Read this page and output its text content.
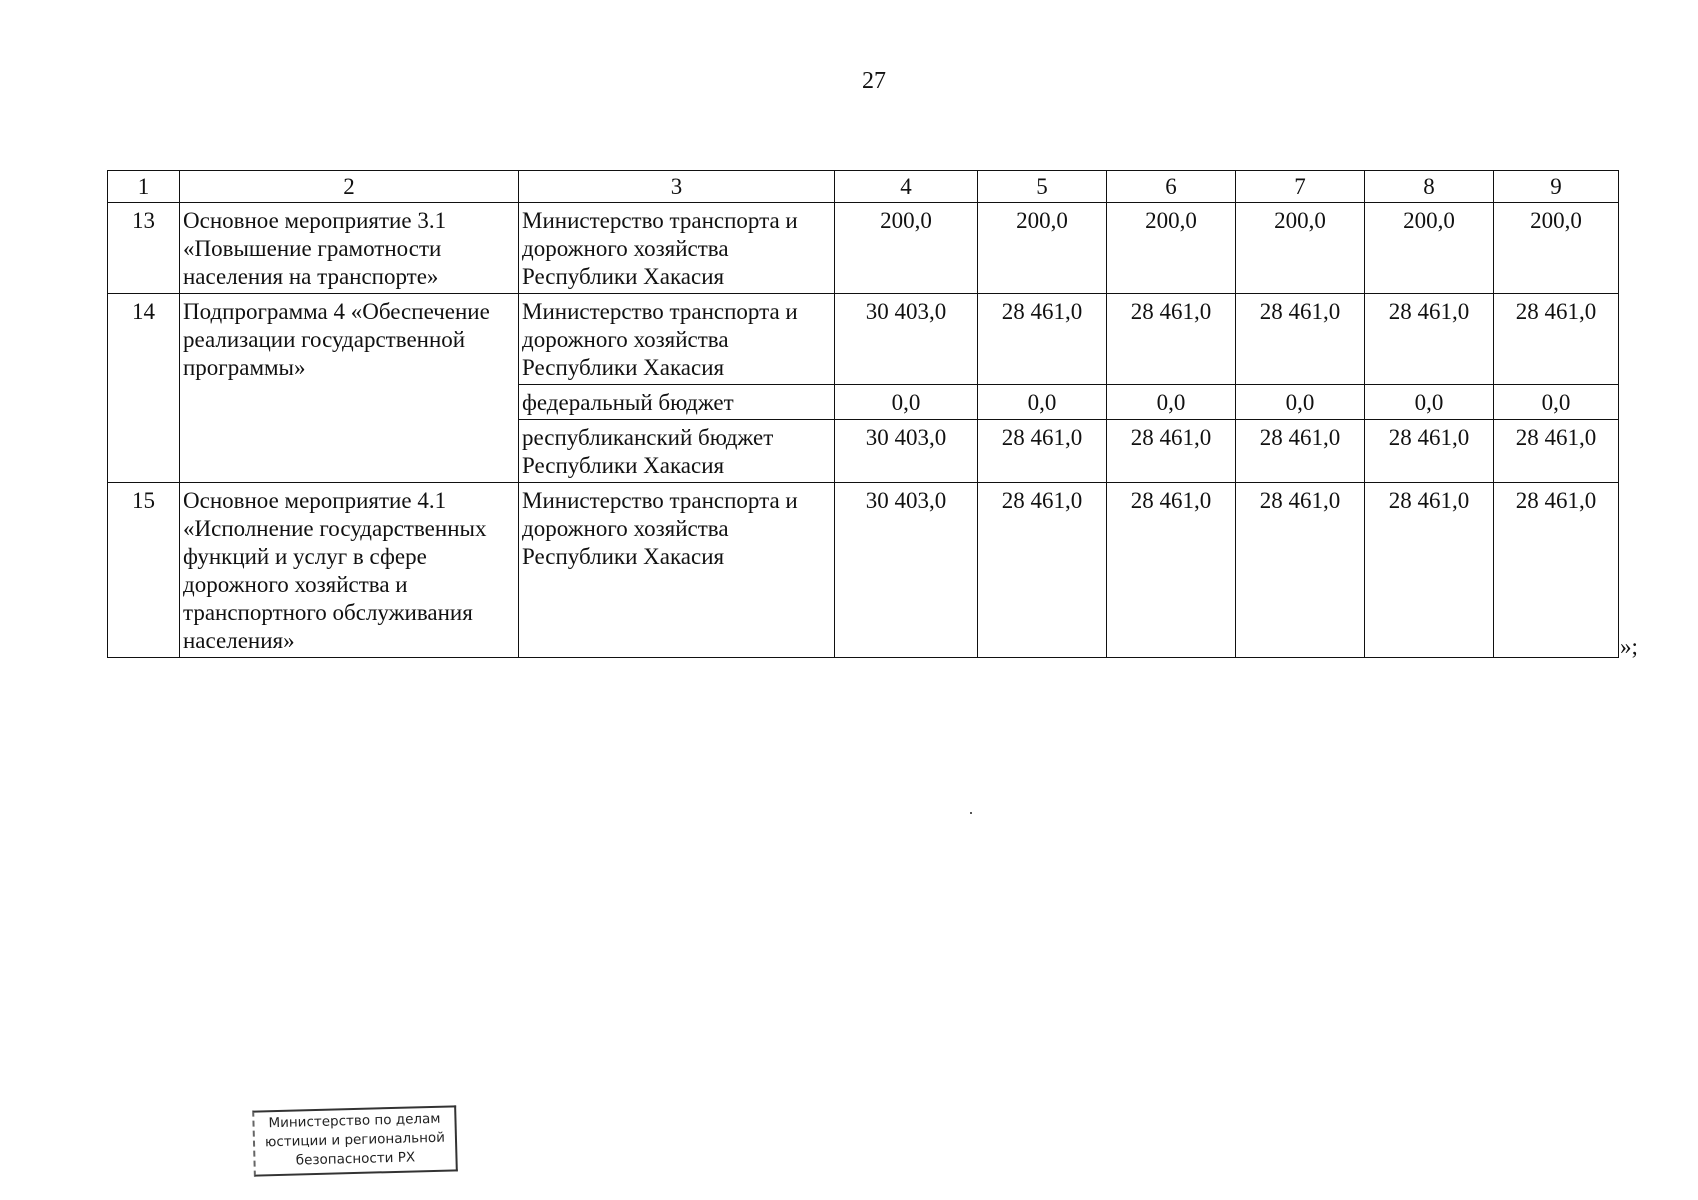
27
1	2	3	4	5	6	7	8	9
13	Основное мероприятие 3.1 «Повышение грамотности населения на транспорте»	Министерство транспорта и дорожного хозяйства Республики Хакасия	200,0	200,0	200,0	200,0	200,0	200,0
14	Подпрограмма 4 «Обеспечение реализации государственной программы»	Министерство транспорта и дорожного хозяйства Республики Хакасия	30 403,0	28 461,0	28 461,0	28 461,0	28 461,0	28 461,0
		федеральный бюджет	0,0	0,0	0,0	0,0	0,0	0,0
		республиканский бюджет Республики Хакасия	30 403,0	28 461,0	28 461,0	28 461,0	28 461,0	28 461,0
15	Основное мероприятие 4.1 «Исполнение государственных функций и услуг в сфере дорожного хозяйства и транспортного обслуживания населения»	Министерство транспорта и дорожного хозяйства Республики Хакасия	30 403,0	28 461,0	28 461,0	28 461,0	28 461,0	28 461,0
»;
Министерство по делам
юстиции и региональной
безопасности РХ
